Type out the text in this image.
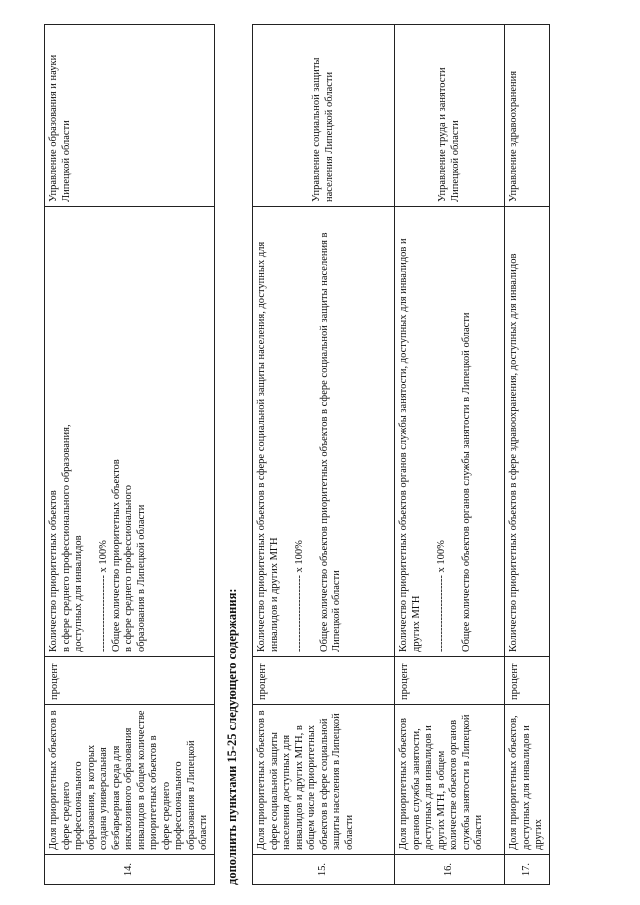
14.	Доля приоритетных объектов в сфере среднего профессионального образования, в которых создана универсальная безбарьерная среда для инклюзивного образования инвалидов в общем количестве приоритетных объектов в сфере среднего профессионального образования в Липецкой области	процент	Количество приоритетных объектов
в сфере среднего профессионального образования,
доступных для инвалидов

---------------------- x 100%
Общее количество приоритетных объектов
в сфере среднего профессионального
образования в Липецкой области	Управление образования и науки Липецкой области
дополнить пунктами 15-25 следующего содержания:	15.	Доля приоритетных объектов в сфере социальной защиты населения доступных для инвалидов и других МГН, в общем числе приоритетных объектов в сфере социальной защиты населения в Липецкой области	процент	Количество приоритетных объектов в сфере социальной защиты населения, доступных для инвалидов и других МГН

---------------------- x 100%

Общее количество объектов приоритетных объектов в сфере социальной защиты населения в Липецкой области	Управление социальной защиты населения Липецкой области
16.	Доля приоритетных объектов органов службы занятости, доступных для инвалидов и других МГН, в общем количестве объектов органов службы занятости в Липецкой области	процент	Количество приоритетных объектов органов службы занятости, доступных для инвалидов и других МГН

---------------------- x 100%

Общее количество объектов органов службы занятости в Липецкой области	Управление труда и занятости Липецкой области
17.	Доля приоритетных объектов, доступных для инвалидов и других	процент	Количество приоритетных объектов в сфере здравоохранения, доступных для инвалидов	Управление здравоохранения
